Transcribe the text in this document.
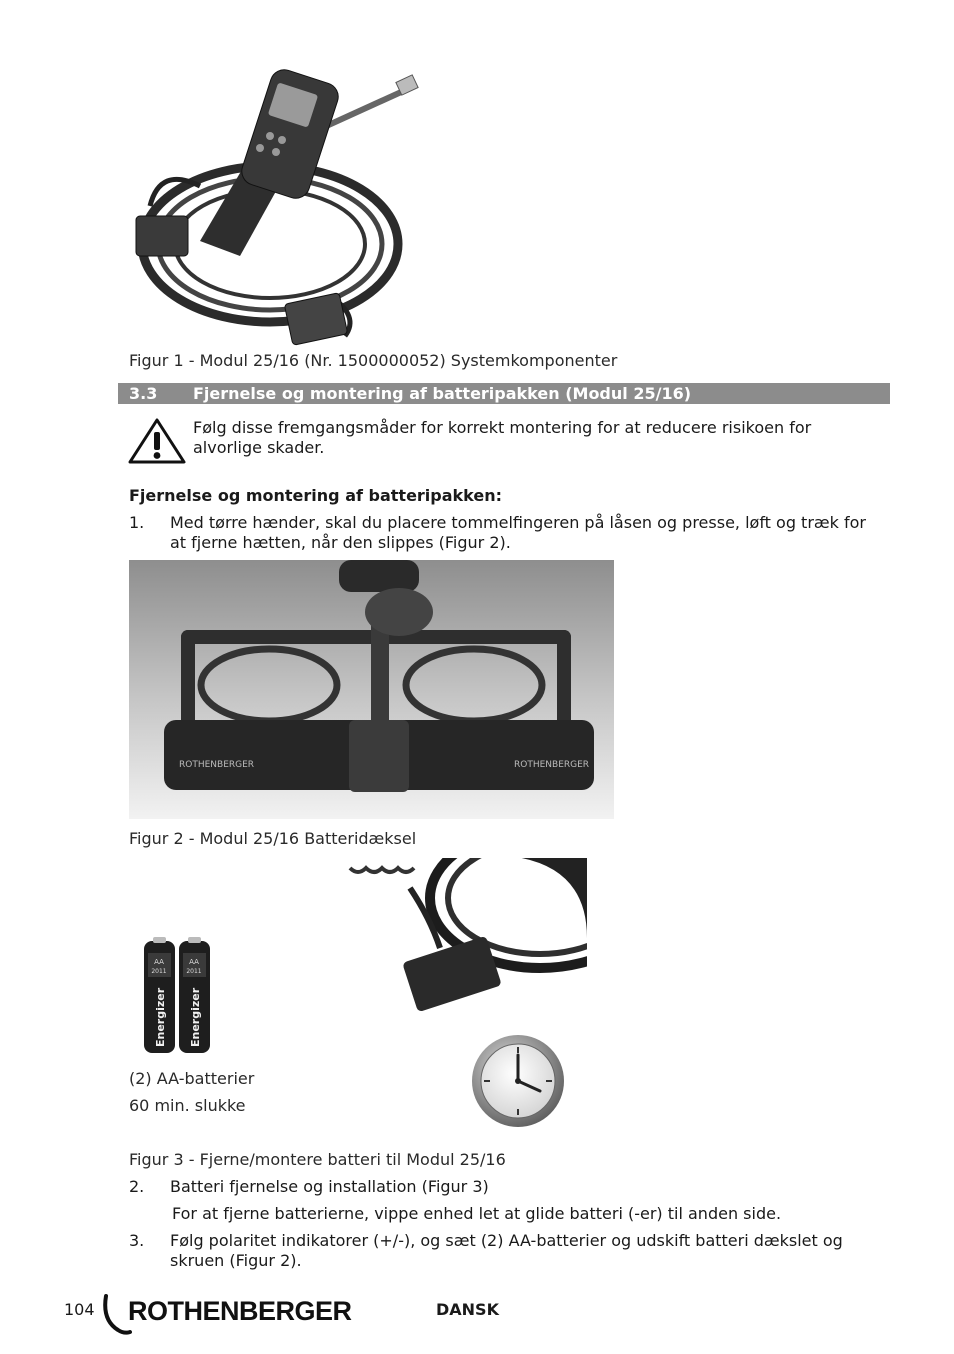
Figur 1 - Modul 25/16 (Nr. 1500000052) Systemkomponenter
3.3 Fjernelse og montering af batteripakken (Modul 25/16)
Følg disse fremgangsmåder for korrekt montering for at reducere risikoen for alvorlige skader.
Fjernelse og montering af batteripakken:
1. Med tørre hænder, skal du placere tommelfingeren på låsen og presse, løft og træk for at fjerne hætten, når den slippes (Figur 2).
ROTHENBERGER	ROTHENBERGER
Figur 2 - Modul 25/16 Batteridæksel
AA
2011
Energizer
AA
2011
Energizer
(2) AA-batterier
60 min. slukke
Figur 3 - Fjerne/montere batteri til Modul 25/16
2. Batteri fjernelse og installation (Figur 3)
For at fjerne batterierne, vippe enhed let at glide batteri (-er) til anden side.
3. Følg polaritet indikatorer (+/-), og sæt (2) AA-batterier og udskift batteri dækslet og skruen (Figur 2).
104 ROTHENBERGER	DANSK
